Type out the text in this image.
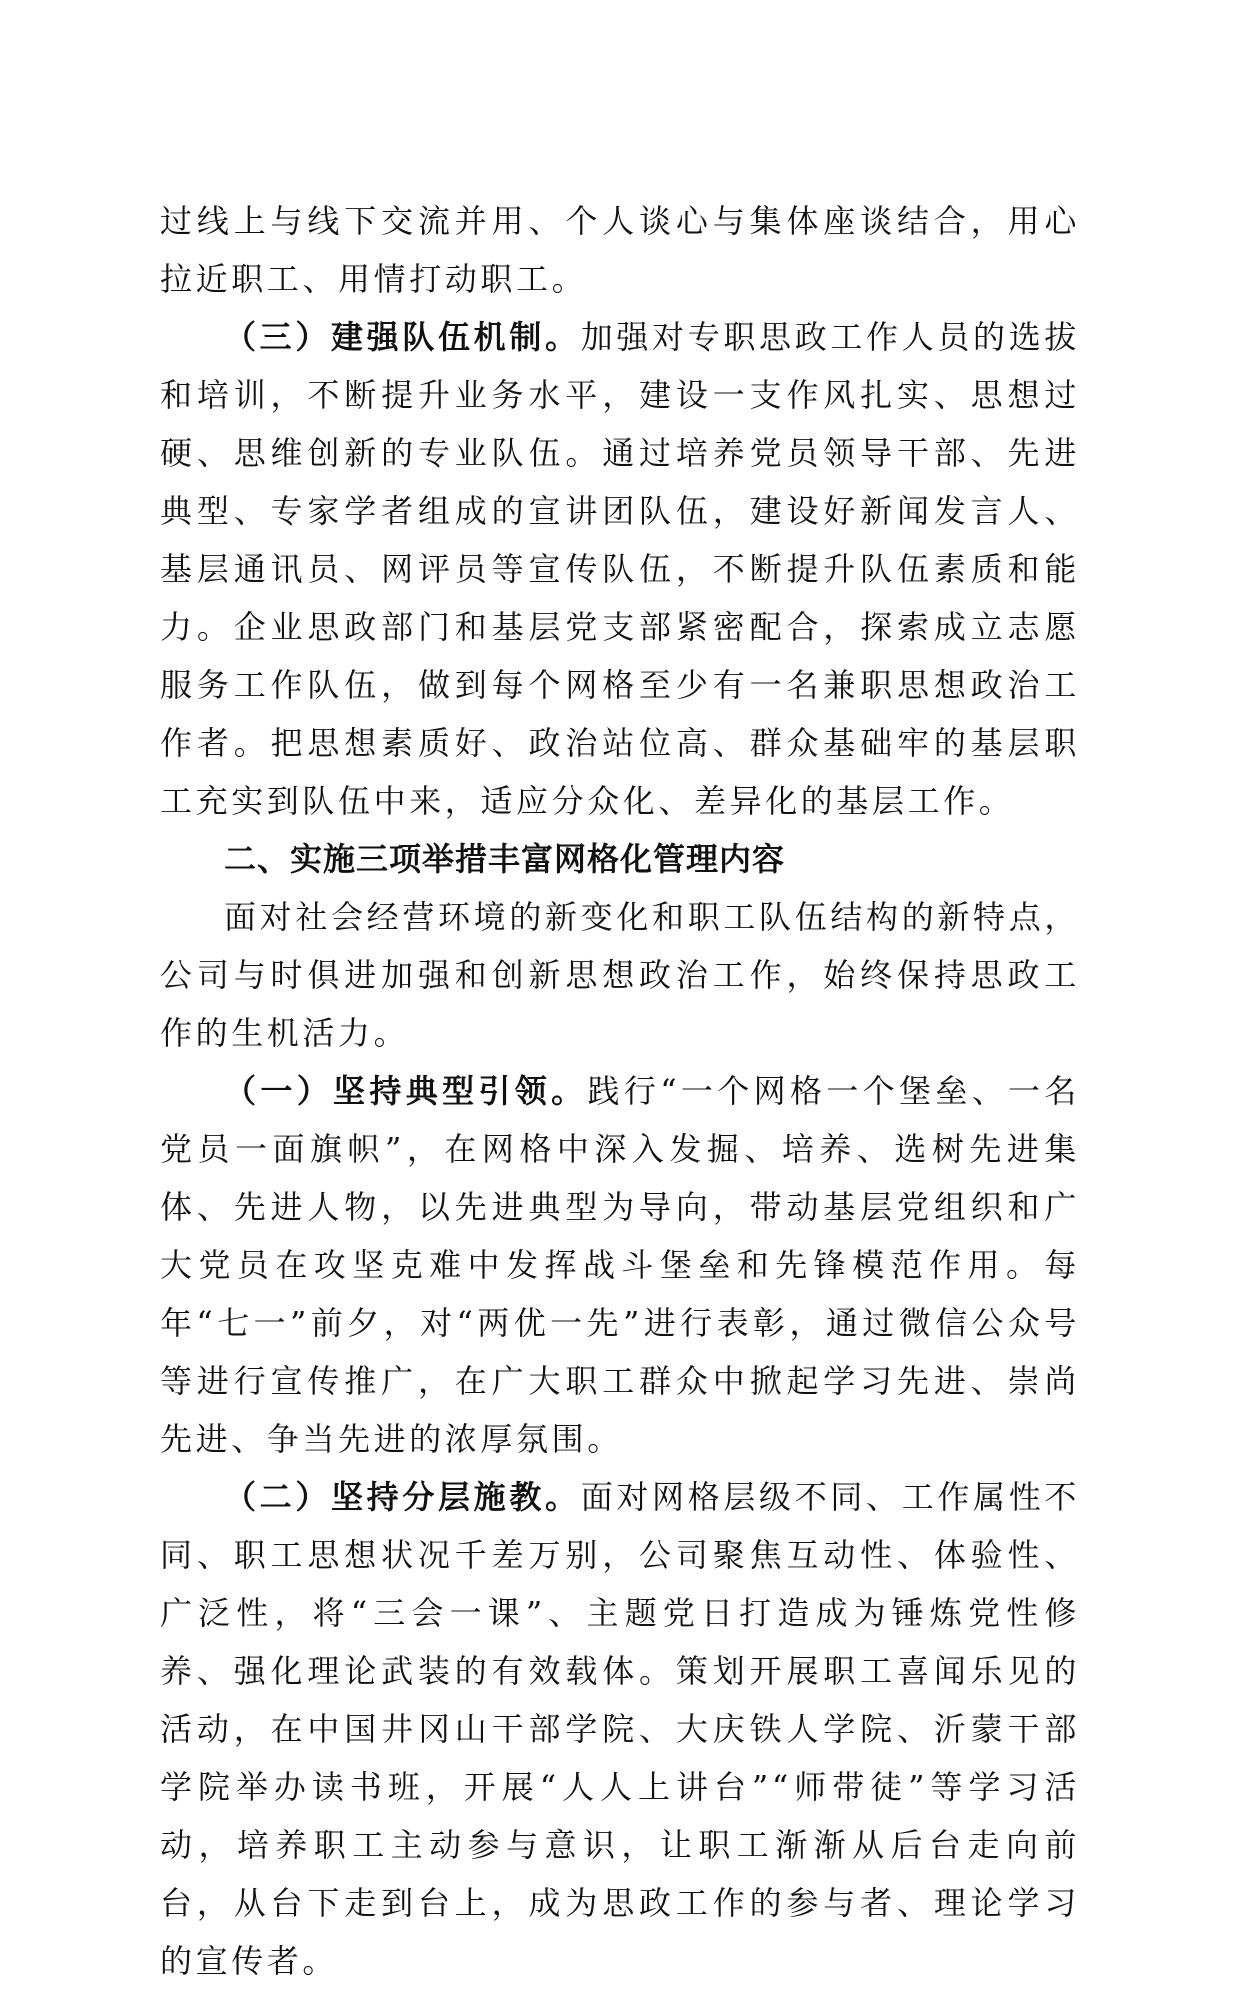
过线上与线下交流并用、个人谈心与集体座谈结合，用心拉近职工、用情打动职工。

（三）建强队伍机制。加强对专职思政工作人员的选拔和培训，不断提升业务水平，建设一支作风扎实、思想过硬、思维创新的专业队伍。通过培养党员领导干部、先进典型、专家学者组成的宣讲团队伍，建设好新闻发言人、基层通讯员、网评员等宣传队伍，不断提升队伍素质和能力。企业思政部门和基层党支部紧密配合，探索成立志愿服务工作队伍，做到每个网格至少有一名兼职思想政治工作者。把思想素质好、政治站位高、群众基础牢的基层职工充实到队伍中来，适应分众化、差异化的基层工作。

二、实施三项举措丰富网格化管理内容

面对社会经营环境的新变化和职工队伍结构的新特点，公司与时俱进加强和创新思想政治工作，始终保持思政工作的生机活力。

（一）坚持典型引领。践行“一个网格一个堡垒、一名党员一面旗帜”，在网格中深入发掘、培养、选树先进集体、先进人物，以先进典型为导向，带动基层党组织和广大党员在攻坚克难中发挥战斗堡垒和先锋模范作用。每年“七一”前夕，对“两优一先”进行表彰，通过微信公众号等进行宣传推广，在广大职工群众中掀起学习先进、崇尚先进、争当先进的浓厚氛围。

（二）坚持分层施教。面对网格层级不同、工作属性不同、职工思想状况千差万别，公司聚焦互动性、体验性、广泛性，将“三会一课”、主题党日打造成为锤炼党性修养、强化理论武装的有效载体。策划开展职工喜闻乐见的活动，在中国井冈山干部学院、大庆铁人学院、沂蒙干部学院举办读书班，开展“人人上讲台”“师带徒”等学习活动，培养职工主动参与意识，让职工渐渐从后台走向前台，从台下走到台上，成为思政工作的参与者、理论学习的宣传者。
